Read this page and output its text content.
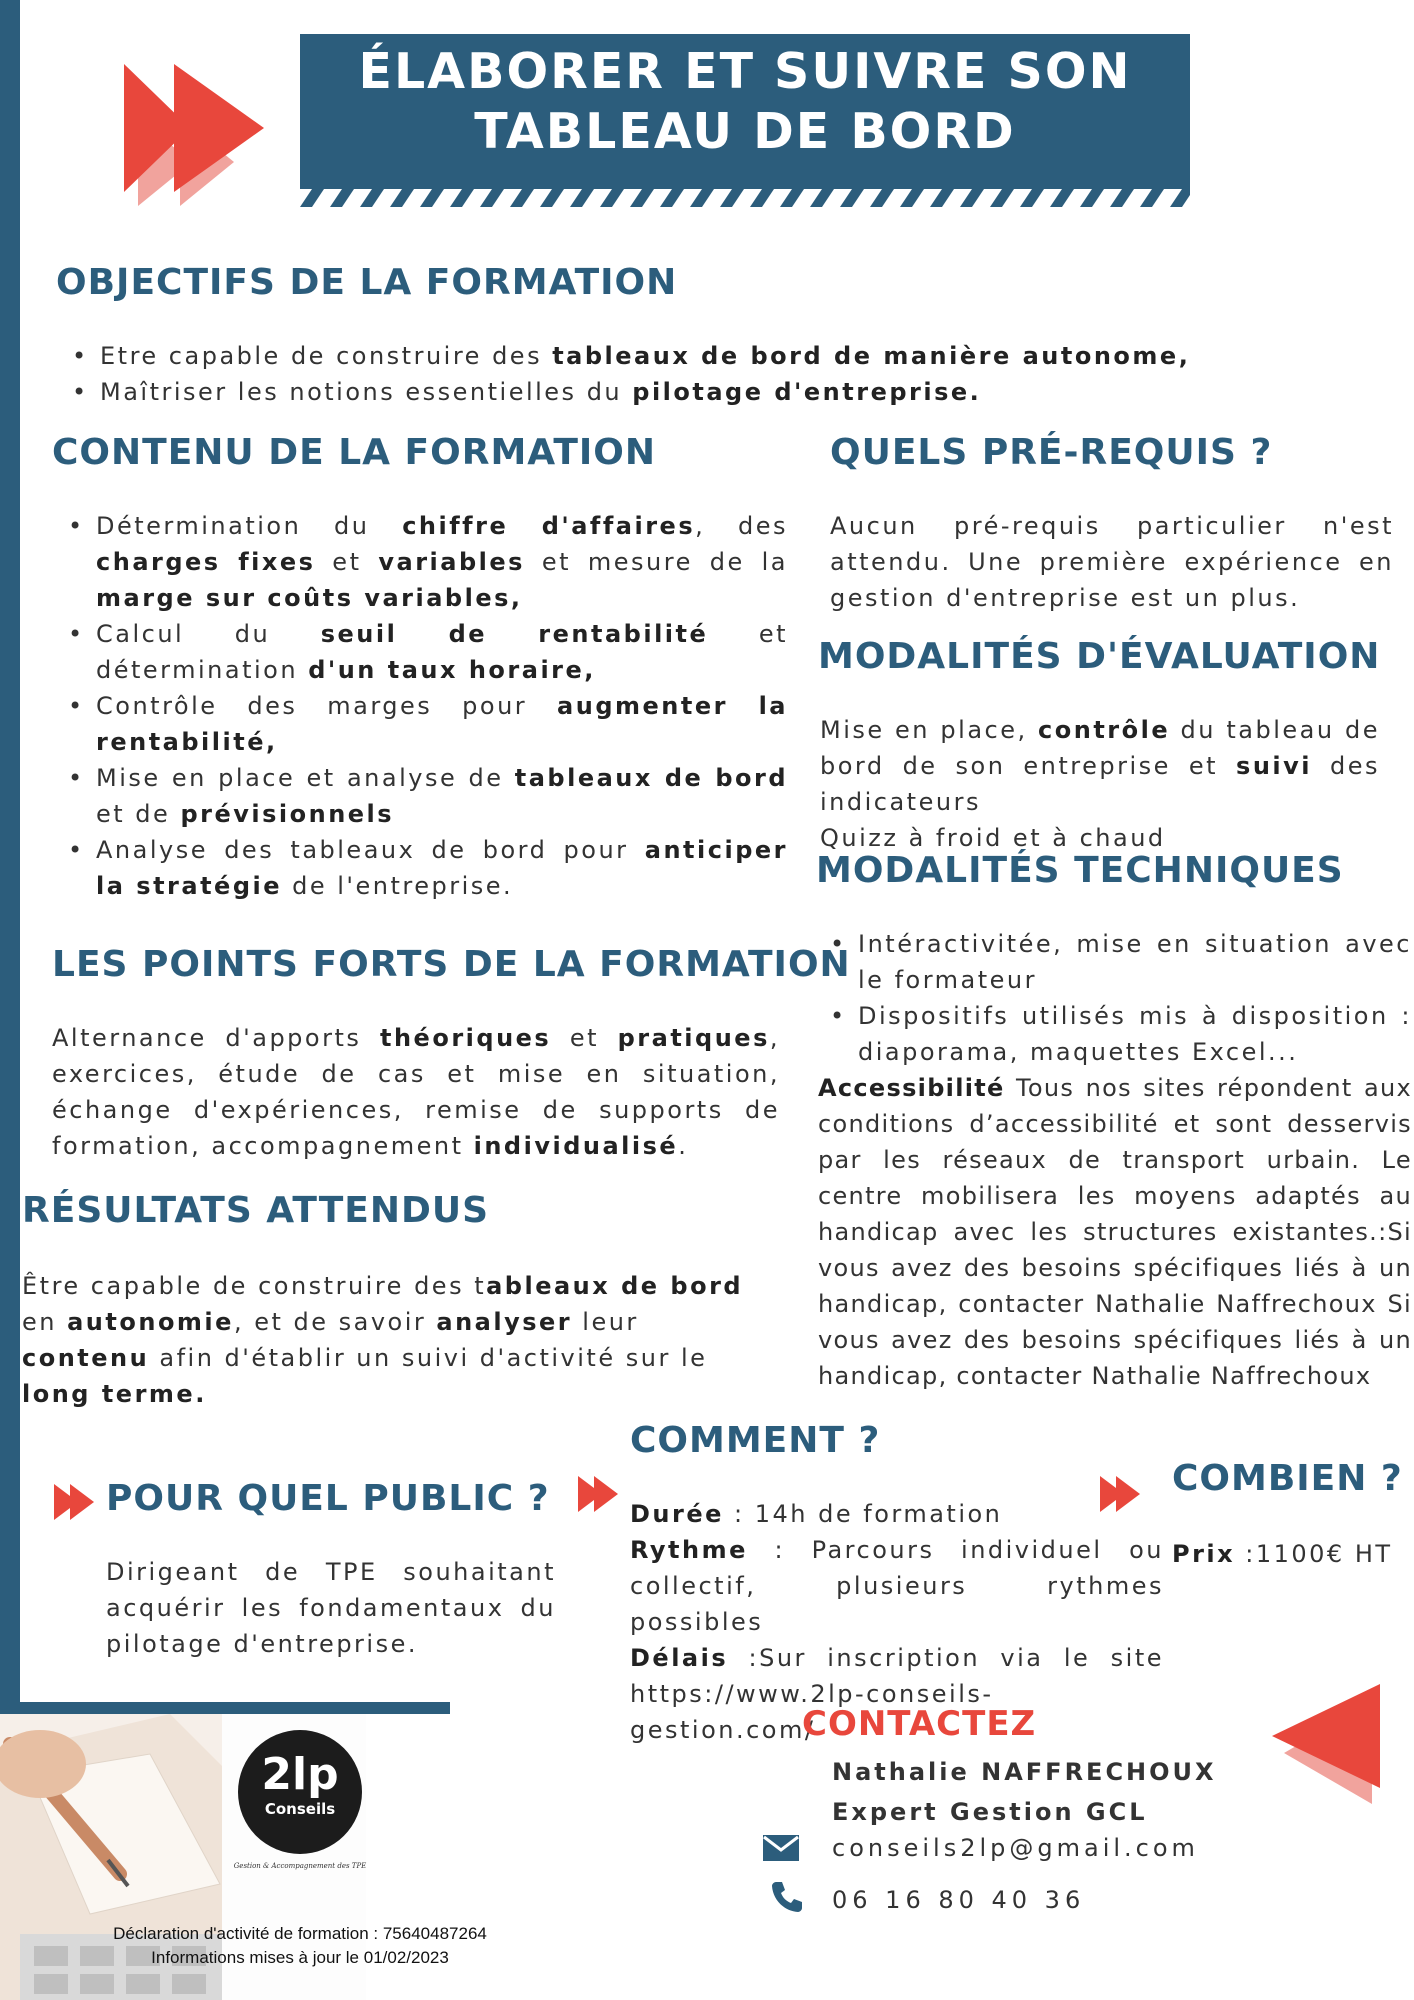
ÉLABORER ET SUIVRE SON
TABLEAU DE BORD
OBJECTIFS DE LA FORMATION
• Etre capable de construire des tableaux de bord de manière autonome,
• Maîtriser les notions essentielles du pilotage d'entreprise.
CONTENU DE LA FORMATION
• Détermination du chiffre d'affaires, des charges fixes et variables et mesure de la marge sur coûts variables,
• Calcul du seuil de rentabilité et détermination d'un taux horaire,
• Contrôle des marges pour augmenter la rentabilité,
• Mise en place et analyse de tableaux de bord et de prévisionnels
• Analyse des tableaux de bord pour anticiper la stratégie de l'entreprise.
QUELS PRÉ-REQUIS ?

Aucun pré-requis particulier n'est attendu. Une première expérience en gestion d'entreprise est un plus.

MODALITÉS D'ÉVALUATION
Mise en place, contrôle du tableau de bord de son entreprise et suivi des indicateurs
Quizz à froid et à chaud
MODALITÉS TECHNIQUES
• Intéractivitée, mise en situation avec le formateur
• Dispositifs utilisés mis à disposition : diaporama, maquettes Excel...
Accessibilité Tous nos sites répondent aux conditions d’accessibilité et sont desservis par les réseaux de transport urbain. Le centre mobilisera les moyens adaptés au handicap avec les structures existantes.:Si vous avez des besoins spécifiques liés à un handicap, contacter Nathalie Naffrechoux Si vous avez des besoins spécifiques liés à un handicap, contacter Nathalie Naffrechoux
LES POINTS FORTS DE LA FORMATION

Alternance d'apports théoriques et pratiques, exercices, étude de cas et mise en situation, échange d'expériences, remise de supports de formation, accompagnement individualisé.

RÉSULTATS ATTENDUS

Être capable de construire des tableaux de bord en autonomie, et de savoir analyser leur contenu afin d'établir un suivi d'activité sur le long terme.

POUR QUEL PUBLIC ?

Dirigeant de TPE souhaitant acquérir les fondamentaux du pilotage d'entreprise.

COMMENT ?
Durée : 14h de formation
Rythme : Parcours individuel ou collectif, plusieurs rythmes possibles
Délais :Sur inscription via le site https://www.2lp-conseils-gestion.com/
COMBIEN ?
Prix :1100€ HT
CONTACTEZ
Nathalie NAFFRECHOUX
Expert Gestion GCL
conseils2lp@gmail.com
06 16 80 40 36
2lp
Conseils
Gestion & Accompagnement des TPE
Déclaration d'activité de formation : 75640487264
Informations mises à jour le 01/02/2023
